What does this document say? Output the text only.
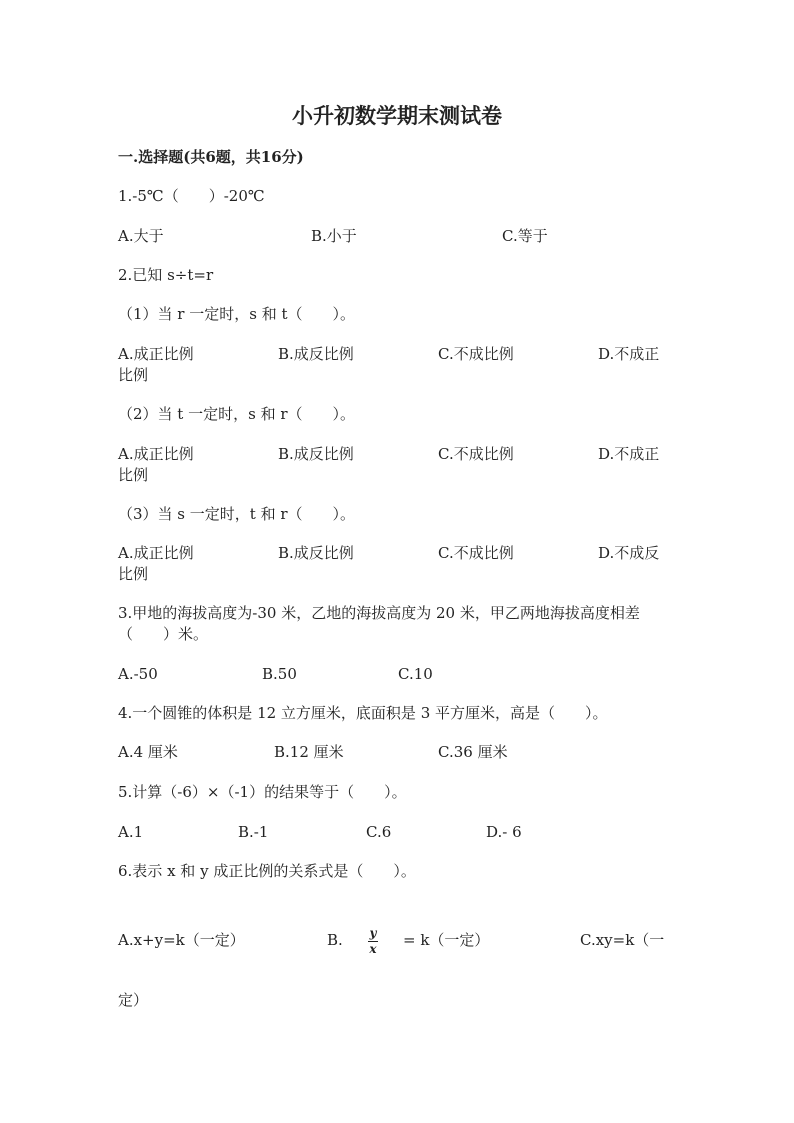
小升初数学期末测试卷
一.选择题(共6题，共16分)
1.-5℃（　　）-20℃
A.大于	B.小于	C.等于
2.已知 s÷t=r
（1）当 r 一定时，s 和 t（　　）。
A.成正比例	B.成反比例	C.不成比例	D.不成正
比例
（2）当 t 一定时，s 和 r（　　）。
A.成正比例	B.成反比例	C.不成比例	D.不成正
比例
（3）当 s 一定时，t 和 r（　　）。
A.成正比例	B.成反比例	C.不成比例	D.不成反
比例
3.甲地的海拔高度为-30 米，乙地的海拔高度为 20 米，甲乙两地海拔高度相差
（　　）米。
A.-50	B.50	C.10
4.一个圆锥的体积是 12 立方厘米，底面积是 3 平方厘米，高是（　　）。
A.4 厘米	B.12 厘米	C.36 厘米
5.计算（-6）×（-1）的结果等于（　　）。
A.1	B.-1	C.6	D.- 6
6.表示 x 和 y 成正比例的关系式是（　　）。
A.x+y=k（一定）	B. y
x = k（一定）	C.xy=k（一
定）
